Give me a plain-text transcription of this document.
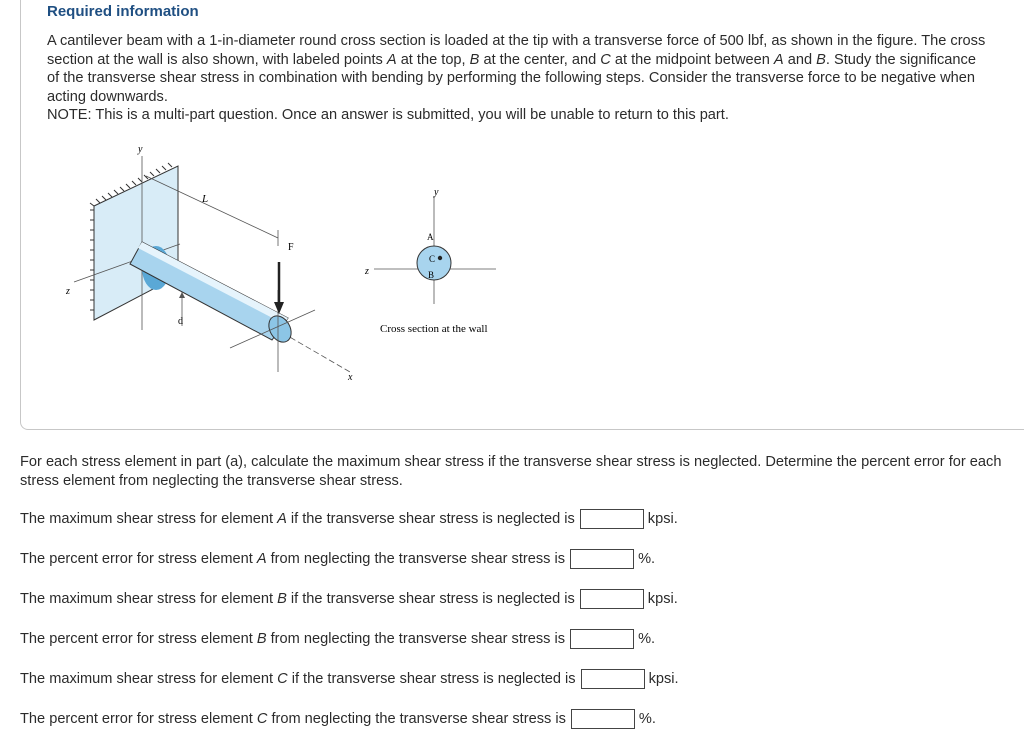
Required information

A cantilever beam with a 1-in-diameter round cross section is loaded at the tip with a transverse force of 500 lbf, as shown in the figure. The cross section at the wall is also shown, with labeled points A at the top, B at the center, and C at the midpoint between A and B. Study the significance of the transverse shear stress in combination with bending by performing the following steps. Consider the transverse force to be negative when acting downwards.

NOTE: This is a multi-part question. Once an answer is submitted, you will be unable to return to this part.

L
F
d
y
z
x
y
z
A
C
B
Cross section at the wall

For each stress element in part (a), calculate the maximum shear stress if the transverse shear stress is neglected. Determine the percent error for each stress element from neglecting the transverse shear stress.

The maximum shear stress for element A if the transverse shear stress is neglected is	kpsi.
The percent error for stress element A from neglecting the transverse shear stress is	%.
The maximum shear stress for element B if the transverse shear stress is neglected is	kpsi.
The percent error for stress element B from neglecting the transverse shear stress is	%.
The maximum shear stress for element C if the transverse shear stress is neglected is	kpsi.
The percent error for stress element C from neglecting the transverse shear stress is	%.
